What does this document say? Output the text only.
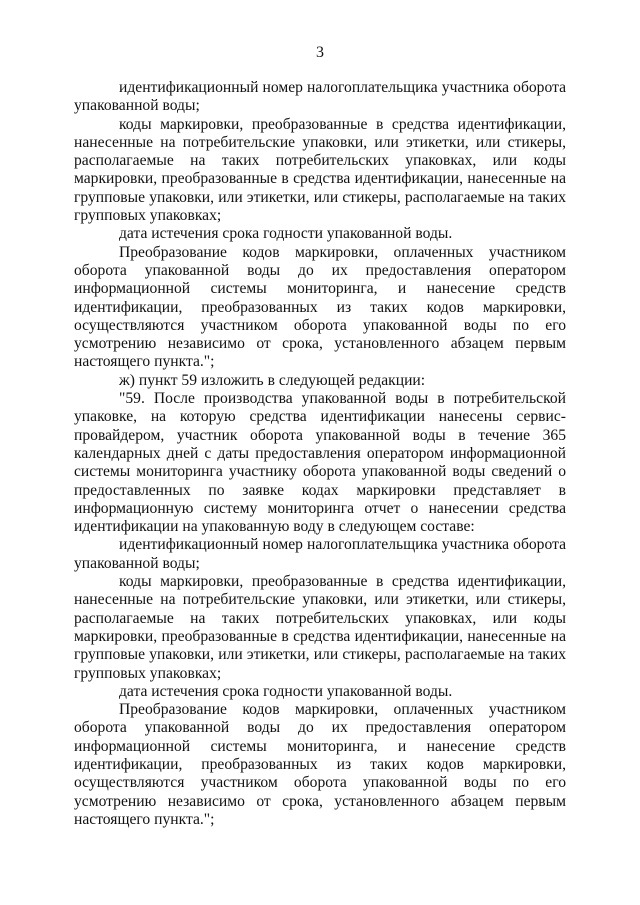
3

идентификационный номер налогоплательщика участника оборота упакованной воды;

коды маркировки, преобразованные в средства идентификации, нанесенные на потребительские упаковки, или этикетки, или стикеры, располагаемые на таких потребительских упаковках, или коды маркировки, преобразованные в средства идентификации, нанесенные на групповые упаковки, или этикетки, или стикеры, располагаемые на таких групповых упаковках;

дата истечения срока годности упакованной воды.

Преобразование кодов маркировки, оплаченных участником оборота упакованной воды до их предоставления оператором информационной системы мониторинга, и нанесение средств идентификации, преобразованных из таких кодов маркировки, осуществляются участником оборота упакованной воды по его усмотрению независимо от срока, установленного абзацем первым настоящего пункта.";

ж) пункт 59 изложить в следующей редакции:

"59. После производства упакованной воды в потребительской упаковке, на которую средства идентификации нанесены сервис-провайдером, участник оборота упакованной воды в течение 365 календарных дней с даты предоставления оператором информационной системы мониторинга участнику оборота упакованной воды сведений о предоставленных по заявке кодах маркировки представляет в информационную систему мониторинга отчет о нанесении средства идентификации на упакованную воду в следующем составе:

идентификационный номер налогоплательщика участника оборота упакованной воды;

коды маркировки, преобразованные в средства идентификации, нанесенные на потребительские упаковки, или этикетки, или стикеры, располагаемые на таких потребительских упаковках, или коды маркировки, преобразованные в средства идентификации, нанесенные на групповые упаковки, или этикетки, или стикеры, располагаемые на таких групповых упаковках;

дата истечения срока годности упакованной воды.

Преобразование кодов маркировки, оплаченных участником оборота упакованной воды до их предоставления оператором информационной системы мониторинга, и нанесение средств идентификации, преобразованных из таких кодов маркировки, осуществляются участником оборота упакованной воды по его усмотрению независимо от срока, установленного абзацем первым настоящего пункта.";
